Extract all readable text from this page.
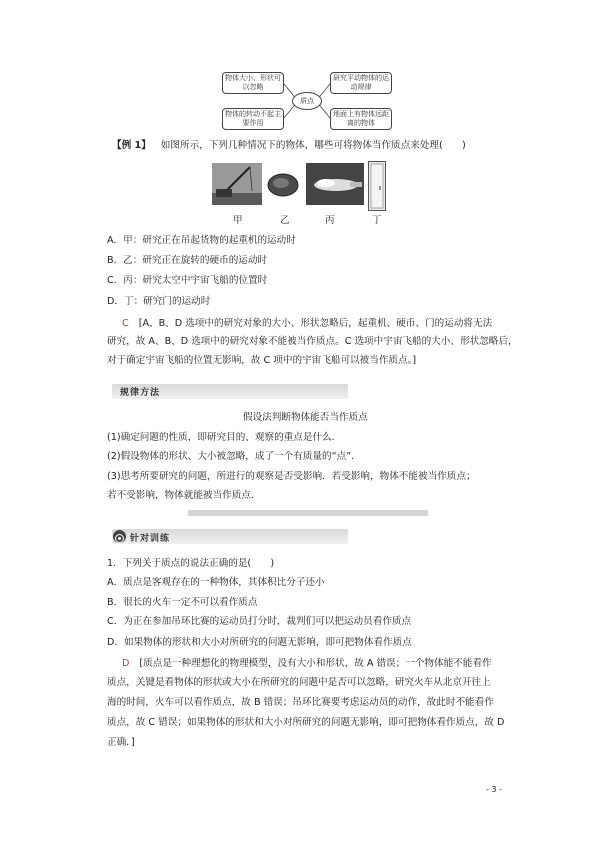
物体大小、形状可以忽略
物体的转动不起主要作用
质点
研究平动物体的运动规律
地面上有物体远距离的物体
【例 1】 如图所示，下列几种情况下的物体，哪些可将物体当作质点来处理(　　)
甲	乙	丙	丁
A．甲：研究正在吊起货物的起重机的运动时
B．乙：研究正在旋转的硬币的运动时
C．丙：研究太空中宇宙飞船的位置时
D．丁：研究门的运动时
C [A、B、D 选项中的研究对象的大小、形状忽略后，起重机、硬币、门的运动将无法
研究，故 A、B、D 选项中的研究对象不能被当作质点。C 选项中宇宙飞船的大小、形状忽略后，
对于确定宇宙飞船的位置无影响，故 C 项中的宇宙飞船可以被当作质点。]
规律方法
假设法判断物体能否当作质点
(1)确定问题的性质，即研究目的、观察的重点是什么．
(2)假设物体的形状、大小被忽略，成了一个有质量的“点”．
(3)思考所要研究的问题，所进行的观察是否受影响．若受影响，物体不能被当作质点；
若不受影响，物体就能被当作质点．
针对训练
1．下列关于质点的说法正确的是(　　)
A．质点是客观存在的一种物体，其体积比分子还小
B．很长的火车一定不可以看作质点
C．为正在参加吊环比赛的运动员打分时，裁判们可以把运动员看作质点
D．如果物体的形状和大小对所研究的问题无影响，即可把物体看作质点
D [质点是一种理想化的物理模型，没有大小和形状，故 A 错误；一个物体能不能看作
质点，关键是看物体的形状或大小在所研究的问题中是否可以忽略，研究火车从北京开往上
海的时间，火车可以看作质点，故 B 错误；吊环比赛要考虑运动员的动作，故此时不能看作
质点，故 C 错误；如果物体的形状和大小对所研究的问题无影响，即可把物体看作质点，故 D
正确．]
- 3 -
